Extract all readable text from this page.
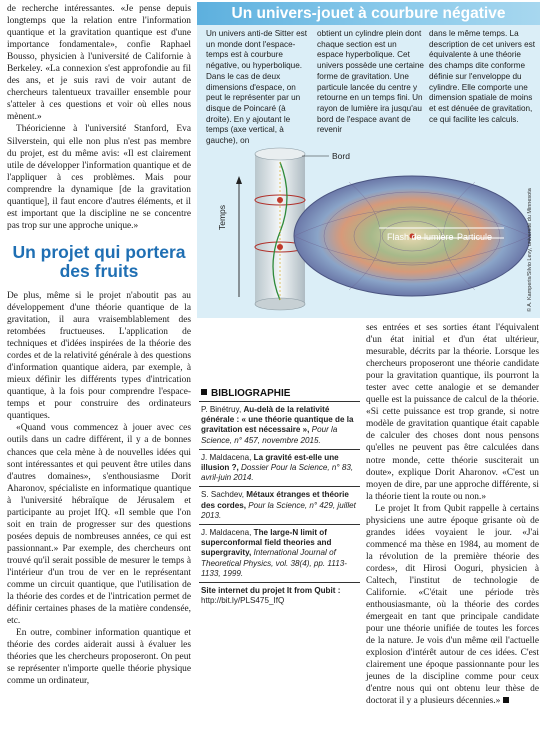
de recherche intéressantes. «Je pense depuis longtemps que la relation entre l'information quantique et la gravitation quantique est d'une importance fondamentale», confie Raphael Bousso, physicien à l'université de Californie à Berkeley. «La connexion s'est approfondie au fil des ans, et je suis ravi de voir autant de chercheurs talentueux travailler ensemble pour s'atteler à ces questions et voir où elles nous mènent.»

Théoricienne à l'université Stanford, Eva Silverstein, qui elle non plus n'est pas membre du projet, est du même avis: «Il est clairement utile de développer l'information quantique et de l'appliquer à ces problèmes. Mais pour comprendre la dynamique [de la gravitation quantique], il faut encore d'autres éléments, et il est important que la discipline ne se concentre pas trop sur une approche unique.»

Un projet qui portera des fruits

De plus, même si le projet n'aboutit pas au développement d'une théorie quantique de la gravitation, il aura vraisemblablement des retombées fructueuses. L'application de techniques et d'idées inspirées de la théorie des cordes et de la relativité générale à des questions d'information quantique aidera, par exemple, à mieux définir les différents types d'intrication quantique, à la fois pour comprendre l'espace-temps et pour construire des ordinateurs quantiques.

«Quand vous commencez à jouer avec ces outils dans un cadre différent, il y a de bonnes chances que cela mène à de nouvelles idées qui sont intéressantes et qui peuvent être utiles dans d'autres domaines», s'enthousiasme Dorit Aharonov, spécialiste en informatique quantique à l'université hébraïque de Jérusalem et participante au projet IfQ. «Il semble que l'on soit en train de progresser sur des questions posées depuis de nombreuses années, ce qui est passionnant.» Par exemple, des chercheurs ont trouvé qu'il serait possible de mesurer le temps à l'intérieur d'un trou de ver en le représentant comme un circuit quantique, que l'utilisation de la théorie des cordes et de l'intrication permet de définir certaines phases de la matière condensée, etc.

En outre, combiner information quantique et théorie des cordes aiderait aussi à évaluer les théories que les chercheurs proposeront. On peut se représenter n'importe quelle théorie physique comme un ordinateur,

Un univers-jouet à courbure négative
Un univers anti-de Sitter est un monde dont l'espace-temps est à courbure négative, ou hyperbolique. Dans le cas de deux dimensions d'espace, on peut le représenter par un disque de Poincaré (à droite). En y ajoutant le temps (axe vertical, à gauche), on
obtient un cylindre plein dont chaque section est un espace hyperbolique. Cet univers possède une certaine forme de gravitation. Une particule lancée du centre y retourne en un temps fini. Un rayon de lumière ira jusqu'au bord de l'espace avant de revenir
dans le même temps. La description de cet univers est équivalente à une théorie des champs dite conforme définie sur l'enveloppe du cylindre. Elle comporte une dimension spatiale de moins et est dénuée de gravitation, ce qui facilite les calculs.
Bord
Temps
Flash de lumière Particule	© A. Kamperis/Silvio Levy, université du Minnesota
BIBLIOGRAPHIE
P. Binétruy, Au-delà de la relativité générale : « une théorie quantique de la gravitation est nécessaire », Pour la Science, n° 457, novembre 2015.
J. Maldacena, La gravité est-elle une illusion ?, Dossier Pour la Science, n° 83, avril-juin 2014.
S. Sachdev, Métaux étranges et théorie des cordes, Pour la Science, n° 429, juillet 2013.
J. Maldacena, The large-N limit of superconformal field theories and supergravity, International Journal of Theoretical Physics, vol. 38(4), pp. 1113-1133, 1999.
Site internet du projet It from Qubit : http://bit.ly/PLS475_IfQ

ses entrées et ses sorties étant l'équivalent d'un état initial et d'un état ultérieur, mesurable, décrits par la théorie. Lorsque les chercheurs proposeront une théorie candidate pour la gravitation quantique, ils pourront la tester avec cette analogie et se demander quelle est la puissance de calcul de la théorie. «Si cette puissance est trop grande, si notre modèle de gravitation quantique était capable de calculer des choses dont nous pensons qu'elles ne peuvent pas être calculées dans notre monde, cette théorie susciterait un doute», explique Dorit Aharonov. «C'est un moyen de dire, par une approche différente, si la théorie tient la route ou non.»

Le projet It from Qubit rappelle à certains physiciens une autre époque grisante où de grandes idées voyaient le jour. «J'ai commencé ma thèse en 1984, au moment de la révolution de la première théorie des cordes», dit Hirosi Ooguri, physicien à Caltech, l'institut de technologie de Californie. «C'était une période très enthousiasmante, où la théorie des cordes émergeait en tant que principale candidate pour une théorie unifiée de toutes les forces de la nature. Je vois d'un même œil l'actuelle explosion d'intérêt autour de ces idées. C'est clairement une époque passionnante pour les jeunes de la discipline comme pour ceux d'entre nous qui ont obtenu leur thèse de doctorat il y a plusieurs décennies.»
